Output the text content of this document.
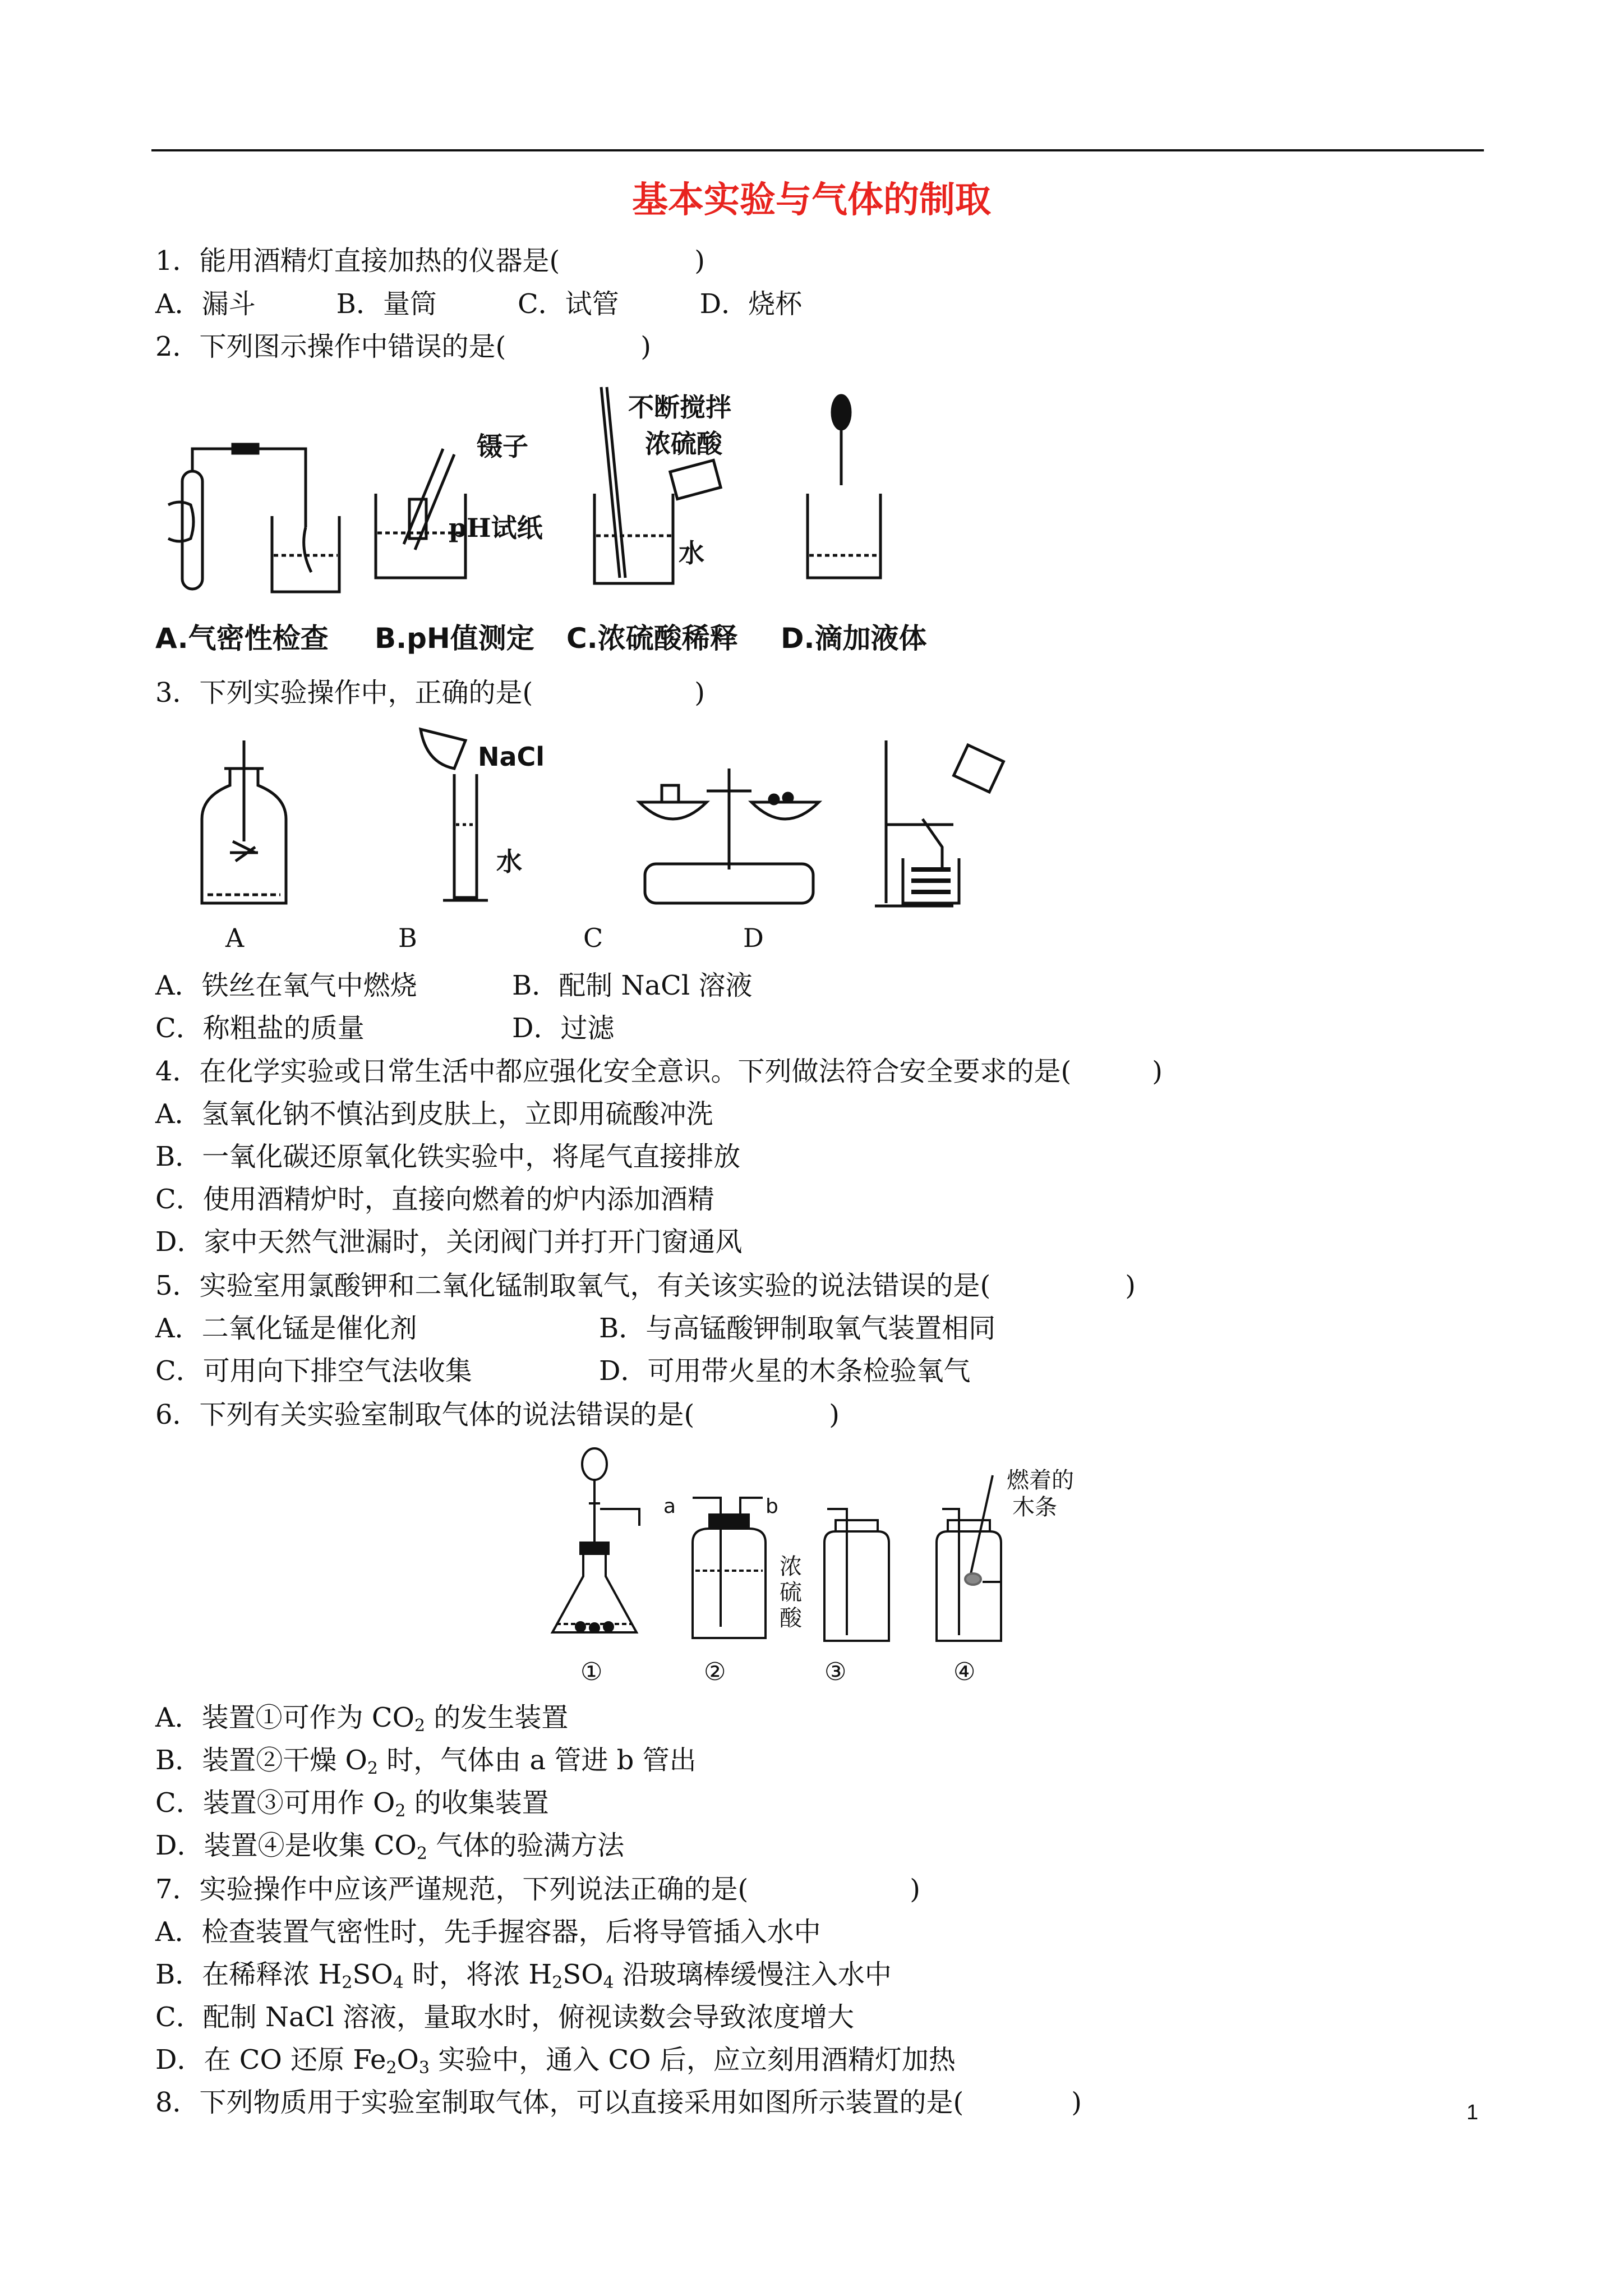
基本实验与气体的制取
1．能用酒精灯直接加热的仪器是(　　　　　)
A．漏斗　　　B．量筒　　　C．试管　　　D．烧杯
2．下列图示操作中错误的是(　　　　　)
镊子
pH试纸
不断搅拌
浓硫酸
水
A.气密性检查 B.pH值测定 C.浓硫酸稀释 D.滴加液体
3．下列实验操作中，正确的是(　　　　　　)
NaCl
水
A	B	C	D
A．铁丝在氧气中燃烧	B．配制 NaCl 溶液
C．称粗盐的质量	D．过滤
4．在化学实验或日常生活中都应强化安全意识。下列做法符合安全要求的是(　　　)
A．氢氧化钠不慎沾到皮肤上，立即用硫酸冲洗
B．一氧化碳还原氧化铁实验中，将尾气直接排放
C．使用酒精炉时，直接向燃着的炉内添加酒精
D．家中天然气泄漏时，关闭阀门并打开门窗通风
5．实验室用氯酸钾和二氧化锰制取氧气，有关该实验的说法错误的是(　　　　　)
A．二氧化锰是催化剂	B．与高锰酸钾制取氧气装置相同
C．可用向下排空气法收集	D．可用带火星的木条检验氧气
6．下列有关实验室制取气体的说法错误的是(　　　　　)
a	b
浓
硫
酸
燃着的
木条
①	②	③	④
A．装置①可作为 $CO_2$ 的发生装置
B．装置②干燥 $O_2$ 时，气体由 a 管进 b 管出
C．装置③可用作 $O_2$ 的收集装置
D．装置④是收集 $CO_2$ 气体的验满方法
7．实验操作中应该严谨规范，下列说法正确的是(　　　　　　)
A．检查装置气密性时，先手握容器，后将导管插入水中
B．在稀释浓 $H_2SO_4$ 时，将浓 $H_2SO_4$ 沿玻璃棒缓慢注入水中
C．配制 NaCl 溶液，量取水时，俯视读数会导致浓度增大
D．在 CO 还原 $Fe_2O_3$ 实验中，通入 CO 后，应立刻用酒精灯加热
8．下列物质用于实验室制取气体，可以直接采用如图所示装置的是(　　　　)	1
